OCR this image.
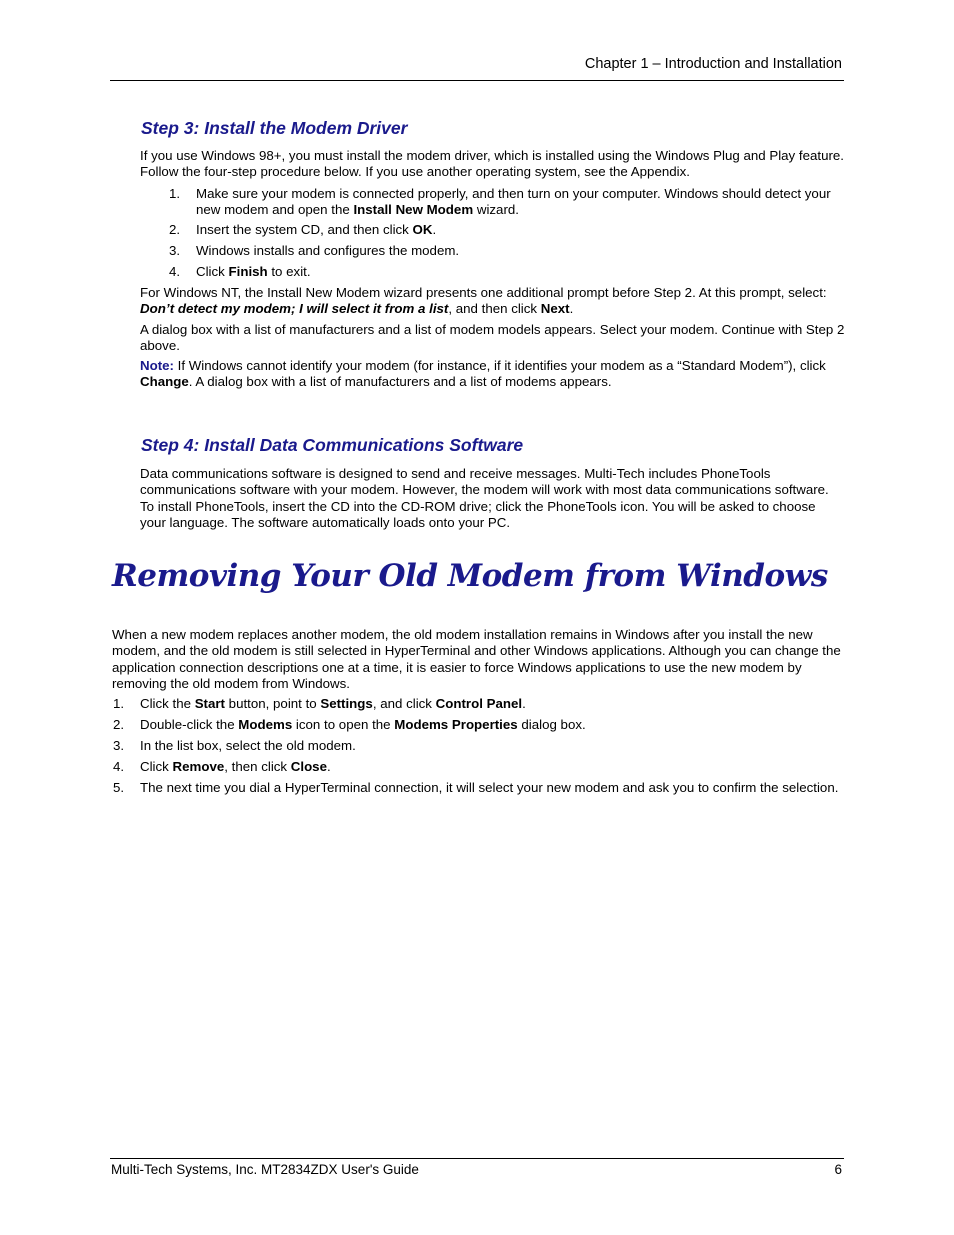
Chapter 1 – Introduction and Installation
Step 3: Install the Modem Driver

If you use Windows 98+, you must install the modem driver, which is installed using the Windows Plug and Play feature. Follow the four-step procedure below. If you use another operating system, see the Appendix.

1. Make sure your modem is connected properly, and then turn on your computer. Windows should detect your new modem and open the Install New Modem wizard.
2. Insert the system CD, and then click OK.
3. Windows installs and configures the modem.
4. Click Finish to exit.

For Windows NT, the Install New Modem wizard presents one additional prompt before Step 2. At this prompt, select: Don’t detect my modem; I will select it from a list, and then click Next.

A dialog box with a list of manufacturers and a list of modem models appears. Select your modem. Continue with Step 2 above.

Note: If Windows cannot identify your modem (for instance, if it identifies your modem as a “Standard Modem”), click Change. A dialog box with a list of manufacturers and a list of modems appears.

Step 4: Install Data Communications Software

Data communications software is designed to send and receive messages. Multi-Tech includes PhoneTools communications software with your modem. However, the modem will work with most data communications software. To install PhoneTools, insert the CD into the CD-ROM drive; click the PhoneTools icon. You will be asked to choose your language. The software automatically loads onto your PC.

Removing Your Old Modem from Windows

When a new modem replaces another modem, the old modem installation remains in Windows after you install the new modem, and the old modem is still selected in HyperTerminal and other Windows applications. Although you can change the application connection descriptions one at a time, it is easier to force Windows applications to use the new modem by removing the old modem from Windows.

1. Click the Start button, point to Settings, and click Control Panel.
2. Double-click the Modems icon to open the Modems Properties dialog box.
3. In the list box, select the old modem.
4. Click Remove, then click Close.
5. The next time you dial a HyperTerminal connection, it will select your new modem and ask you to confirm the selection.
Multi-Tech Systems, Inc. MT2834ZDX User's Guide	6
